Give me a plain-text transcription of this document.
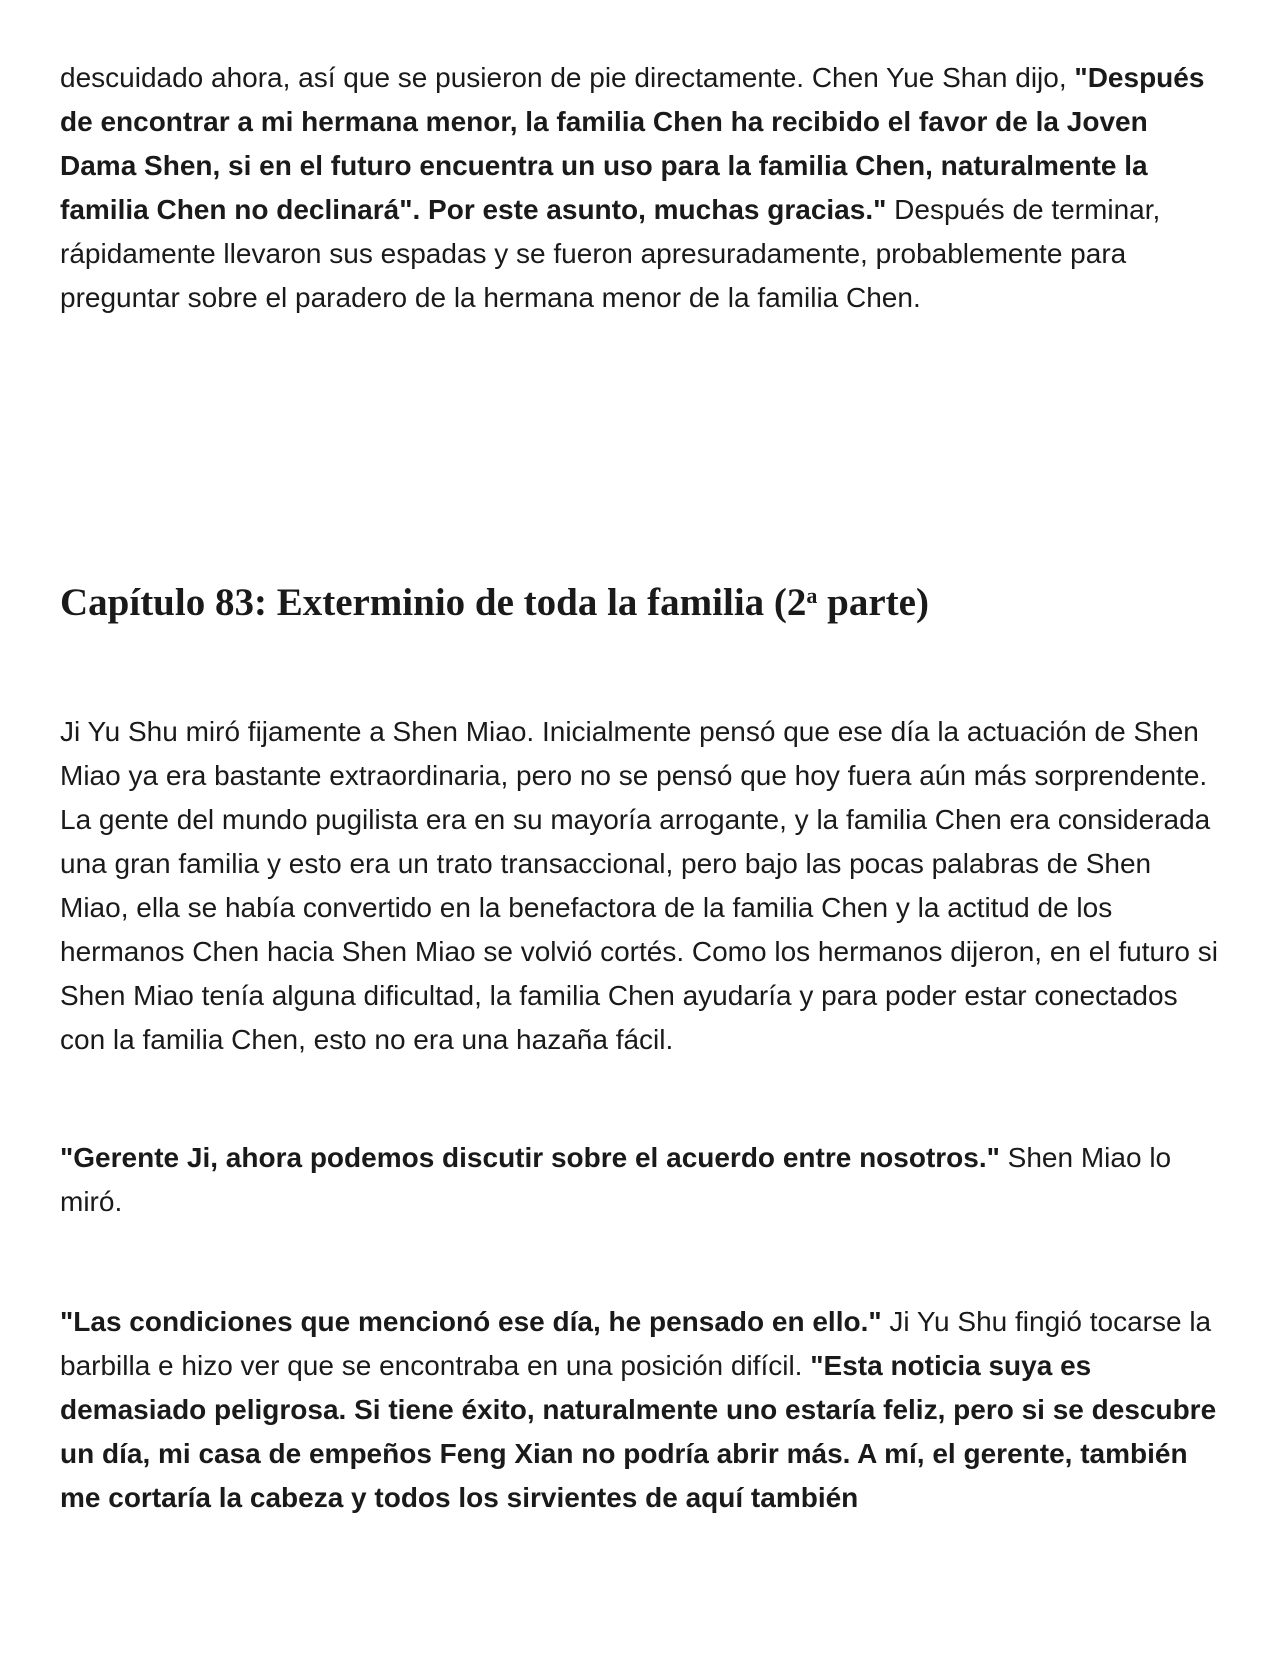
descuidado ahora, así que se pusieron de pie directamente. Chen Yue Shan dijo, "Después de encontrar a mi hermana menor, la familia Chen ha recibido el favor de la Joven Dama Shen, si en el futuro encuentra un uso para la familia Chen, naturalmente la familia Chen no declinará". Por este asunto, muchas gracias." Después de terminar, rápidamente llevaron sus espadas y se fueron apresuradamente, probablemente para preguntar sobre el paradero de la hermana menor de la familia Chen.

Capítulo 83: Exterminio de toda la familia (2$^a$ parte)

Ji Yu Shu miró fijamente a Shen Miao. Inicialmente pensó que ese día la actuación de Shen Miao ya era bastante extraordinaria, pero no se pensó que hoy fuera aún más sorprendente. La gente del mundo pugilista era en su mayoría arrogante, y la familia Chen era considerada una gran familia y esto era un trato transaccional, pero bajo las pocas palabras de Shen Miao, ella se había convertido en la benefactora de la familia Chen y la actitud de los hermanos Chen hacia Shen Miao se volvió cortés. Como los hermanos dijeron, en el futuro si Shen Miao tenía alguna dificultad, la familia Chen ayudaría y para poder estar conectados con la familia Chen, esto no era una hazaña fácil.

"Gerente Ji, ahora podemos discutir sobre el acuerdo entre nosotros." Shen Miao lo miró.

"Las condiciones que mencionó ese día, he pensado en ello." Ji Yu Shu fingió tocarse la barbilla e hizo ver que se encontraba en una posición difícil. "Esta noticia suya es demasiado peligrosa. Si tiene éxito, naturalmente uno estaría feliz, pero si se descubre un día, mi casa de empeños Feng Xian no podría abrir más. A mí, el gerente, también me cortaría la cabeza y todos los sirvientes de aquí también
